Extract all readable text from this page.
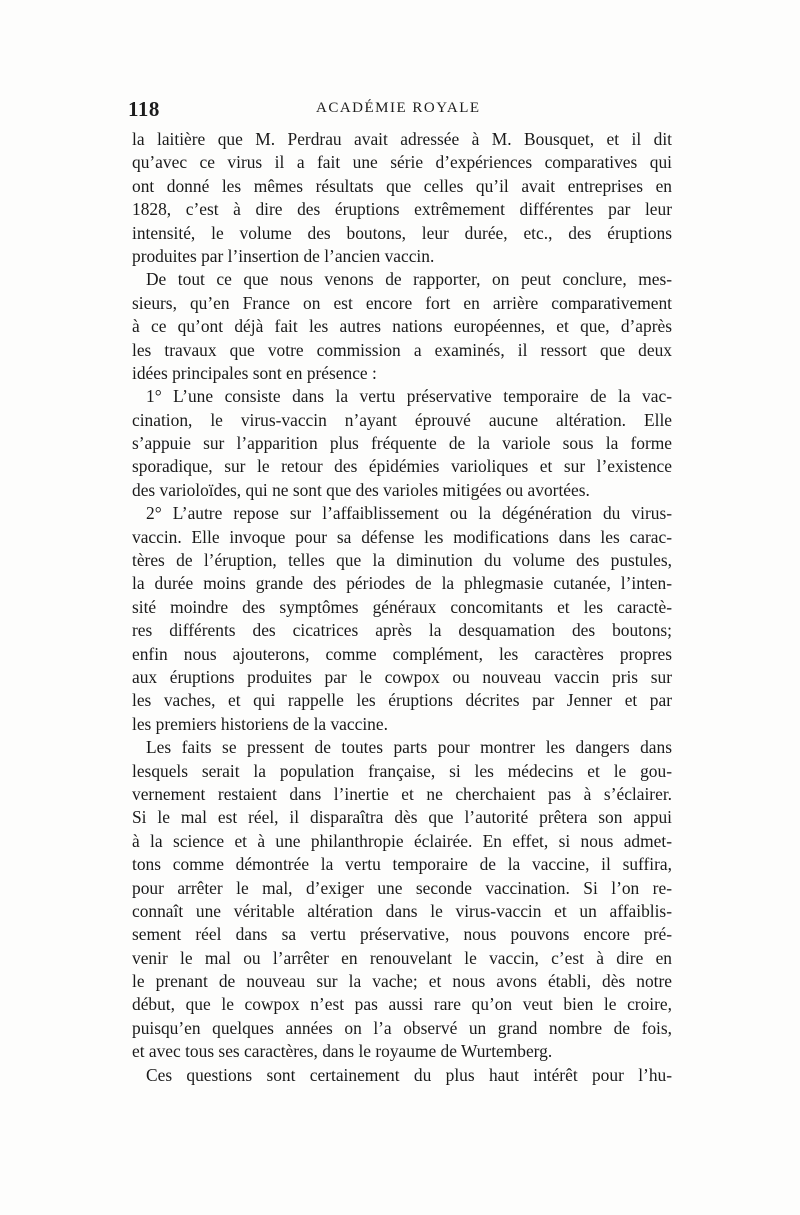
118	ACADÉMIE ROYALE
la laitière que M. Perdrau avait adressée à M. Bousquet, et il dit
qu’avec ce virus il a fait une série d’expériences comparatives qui
ont donné les mêmes résultats que celles qu’il avait entreprises en
1828, c’est à dire des éruptions extrêmement différentes par leur
intensité, le volume des boutons, leur durée, etc., des éruptions
produites par l’insertion de l’ancien vaccin.
De tout ce que nous venons de rapporter, on peut conclure, mes-
sieurs, qu’en France on est encore fort en arrière comparativement
à ce qu’ont déjà fait les autres nations européennes, et que, d’après
les travaux que votre commission a examinés, il ressort que deux
idées principales sont en présence :
1° L’une consiste dans la vertu préservative temporaire de la vac-
cination, le virus-vaccin n’ayant éprouvé aucune altération. Elle
s’appuie sur l’apparition plus fréquente de la variole sous la forme
sporadique, sur le retour des épidémies varioliques et sur l’existence
des varioloïdes, qui ne sont que des varioles mitigées ou avortées.
2° L’autre repose sur l’affaiblissement ou la dégénération du virus-
vaccin. Elle invoque pour sa défense les modifications dans les carac-
tères de l’éruption, telles que la diminution du volume des pustules,
la durée moins grande des périodes de la phlegmasie cutanée, l’inten-
sité moindre des symptômes généraux concomitants et les caractè-
res différents des cicatrices après la desquamation des boutons;
enfin nous ajouterons, comme complément, les caractères propres
aux éruptions produites par le cowpox ou nouveau vaccin pris sur
les vaches, et qui rappelle les éruptions décrites par Jenner et par
les premiers historiens de la vaccine.
Les faits se pressent de toutes parts pour montrer les dangers dans
lesquels serait la population française, si les médecins et le gou-
vernement restaient dans l’inertie et ne cherchaient pas à s’éclairer.
Si le mal est réel, il disparaîtra dès que l’autorité prêtera son appui
à la science et à une philanthropie éclairée. En effet, si nous admet-
tons comme démontrée la vertu temporaire de la vaccine, il suffira,
pour arrêter le mal, d’exiger une seconde vaccination. Si l’on re-
connaît une véritable altération dans le virus-vaccin et un affaiblis-
sement réel dans sa vertu préservative, nous pouvons encore pré-
venir le mal ou l’arrêter en renouvelant le vaccin, c’est à dire en
le prenant de nouveau sur la vache; et nous avons établi, dès notre
début, que le cowpox n’est pas aussi rare qu’on veut bien le croire,
puisqu’en quelques années on l’a observé un grand nombre de fois,
et avec tous ses caractères, dans le royaume de Wurtemberg.
Ces questions sont certainement du plus haut intérêt pour l’hu-
